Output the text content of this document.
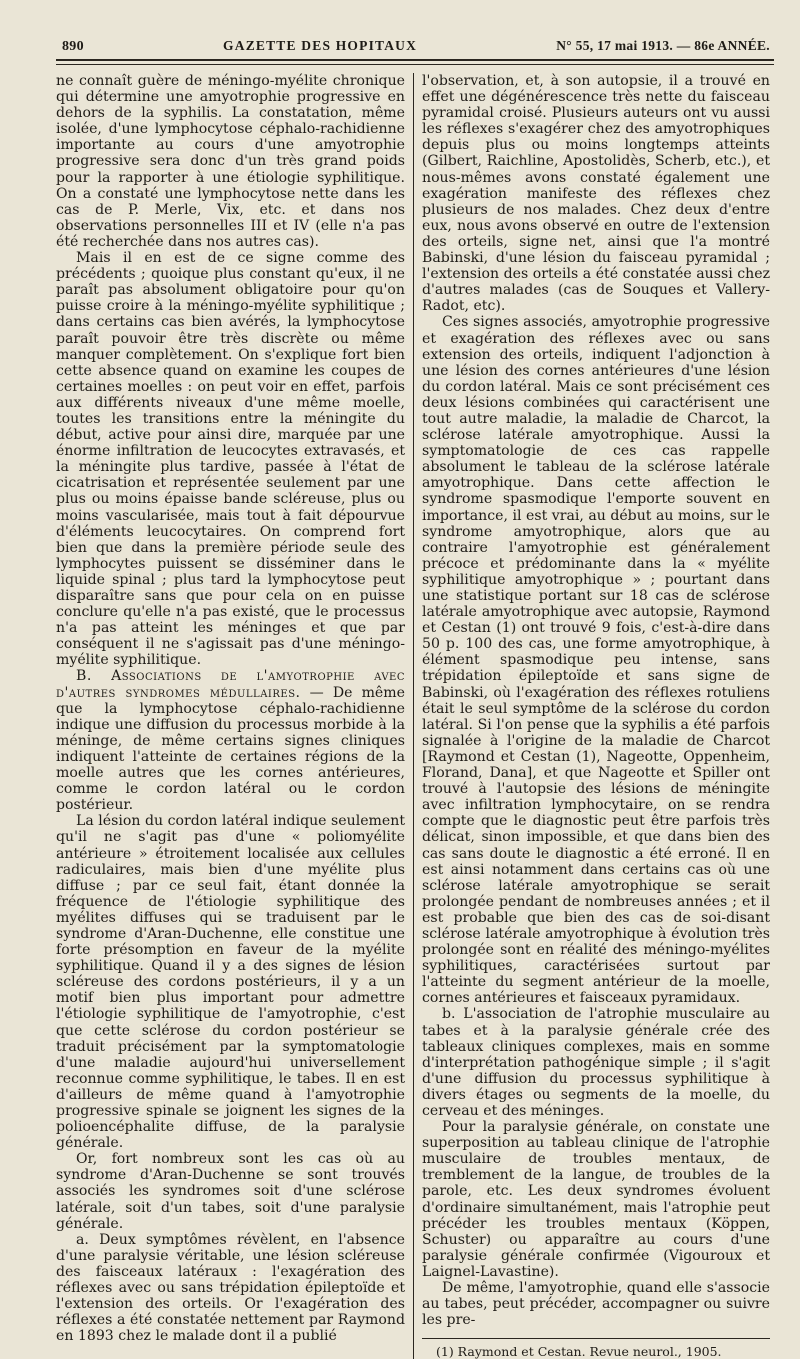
890	GAZETTE DES HOPITAUX	N° 55, 17 mai 1913. — 86e ANNÉE.

ne connaît guère de méningo-myélite chronique qui détermine une amyotrophie progressive en dehors de la syphilis. La constatation, même isolée, d'une lymphocytose céphalo-rachidienne importante au cours d'une amyotrophie progressive sera donc d'un très grand poids pour la rapporter à une étiologie syphilitique. On a constaté une lymphocytose nette dans les cas de P. Merle, Vix, etc. et dans nos observations personnelles III et IV (elle n'a pas été recherchée dans nos autres cas).

Mais il en est de ce signe comme des précédents ; quoique plus constant qu'eux, il ne paraît pas absolument obligatoire pour qu'on puisse croire à la méningo-myélite syphilitique ; dans certains cas bien avérés, la lymphocytose paraît pouvoir être très discrète ou même manquer complètement. On s'explique fort bien cette absence quand on examine les coupes de certaines moelles : on peut voir en effet, parfois aux différents niveaux d'une même moelle, toutes les transitions entre la méningite du début, active pour ainsi dire, marquée par une énorme infiltration de leucocytes extravasés, et la méningite plus tardive, passée à l'état de cicatrisation et représentée seulement par une plus ou moins épaisse bande scléreuse, plus ou moins vascularisée, mais tout à fait dépourvue d'éléments leucocytaires. On comprend fort bien que dans la première période seule des lymphocytes puissent se disséminer dans le liquide spinal ; plus tard la lymphocytose peut disparaître sans que pour cela on en puisse conclure qu'elle n'a pas existé, que le processus n'a pas atteint les méninges et que par conséquent il ne s'agissait pas d'une méningo-myélite syphilitique.

B. Associations de l'amyotrophie avec d'autres syndromes médullaires. — De même que la lymphocytose céphalo-rachidienne indique une diffusion du processus morbide à la méninge, de même certains signes cliniques indiquent l'atteinte de certaines régions de la moelle autres que les cornes antérieures, comme le cordon latéral ou le cordon postérieur.

La lésion du cordon latéral indique seulement qu'il ne s'agit pas d'une « poliomyélite antérieure » étroitement localisée aux cellules radiculaires, mais bien d'une myélite plus diffuse ; par ce seul fait, étant donnée la fréquence de l'étiologie syphilitique des myélites diffuses qui se traduisent par le syndrome d'Aran-Duchenne, elle constitue une forte présomption en faveur de la myélite syphilitique. Quand il y a des signes de lésion scléreuse des cordons postérieurs, il y a un motif bien plus important pour admettre l'étiologie syphilitique de l'amyotrophie, c'est que cette sclérose du cordon postérieur se traduit précisément par la symptomatologie d'une maladie aujourd'hui universellement reconnue comme syphilitique, le tabes. Il en est d'ailleurs de même quand à l'amyotrophie progressive spinale se joignent les signes de la polioencéphalite diffuse, de la paralysie générale.

Or, fort nombreux sont les cas où au syndrome d'Aran-Duchenne se sont trouvés associés les syndromes soit d'une sclérose latérale, soit d'un tabes, soit d'une paralysie générale.

a. Deux symptômes révèlent, en l'absence d'une paralysie véritable, une lésion scléreuse des faisceaux latéraux : l'exagération des réflexes avec ou sans trépidation épileptoïde et l'extension des orteils. Or l'exagération des réflexes a été constatée nettement par Raymond en 1893 chez le malade dont il a publié

l'observation, et, à son autopsie, il a trouvé en effet une dégénérescence très nette du faisceau pyramidal croisé. Plusieurs auteurs ont vu aussi les réflexes s'exagérer chez des amyotrophiques depuis plus ou moins longtemps atteints (Gilbert, Raichline, Apostolidès, Scherb, etc.), et nous-mêmes avons constaté également une exagération manifeste des réflexes chez plusieurs de nos malades. Chez deux d'entre eux, nous avons observé en outre de l'extension des orteils, signe net, ainsi que l'a montré Babinski, d'une lésion du faisceau pyramidal ; l'extension des orteils a été constatée aussi chez d'autres malades (cas de Souques et Vallery-Radot, etc).

Ces signes associés, amyotrophie progressive et exagération des réflexes avec ou sans extension des orteils, indiquent l'adjonction à une lésion des cornes antérieures d'une lésion du cordon latéral. Mais ce sont précisément ces deux lésions combinées qui caractérisent une tout autre maladie, la maladie de Charcot, la sclérose latérale amyotrophique. Aussi la symptomatologie de ces cas rappelle absolument le tableau de la sclérose latérale amyotrophique. Dans cette affection le syndrome spasmodique l'emporte souvent en importance, il est vrai, au début au moins, sur le syndrome amyotrophique, alors que au contraire l'amyotrophie est généralement précoce et prédominante dans la « myélite syphilitique amyotrophique » ; pourtant dans une statistique portant sur 18 cas de sclérose latérale amyotrophique avec autopsie, Raymond et Cestan (1) ont trouvé 9 fois, c'est-à-dire dans 50 p. 100 des cas, une forme amyotrophique, à élément spasmodique peu intense, sans trépidation épileptoïde et sans signe de Babinski, où l'exagération des réflexes rotuliens était le seul symptôme de la sclérose du cordon latéral. Si l'on pense que la syphilis a été parfois signalée à l'origine de la maladie de Charcot [Raymond et Cestan (1), Nageotte, Oppenheim, Florand, Dana], et que Nageotte et Spiller ont trouvé à l'autopsie des lésions de méningite avec infiltration lymphocytaire, on se rendra compte que le diagnostic peut être parfois très délicat, sinon impossible, et que dans bien des cas sans doute le diagnostic a été erroné. Il en est ainsi notamment dans certains cas où une sclérose latérale amyotrophique se serait prolongée pendant de nombreuses années ; et il est probable que bien des cas de soi-disant sclérose latérale amyotrophique à évolution très prolongée sont en réalité des méningo-myélites syphilitiques, caractérisées surtout par l'atteinte du segment antérieur de la moelle, cornes antérieures et faisceaux pyramidaux.

b. L'association de l'atrophie musculaire au tabes et à la paralysie générale crée des tableaux cliniques complexes, mais en somme d'interprétation pathogénique simple ; il s'agit d'une diffusion du processus syphilitique à divers étages ou segments de la moelle, du cerveau et des méninges.

Pour la paralysie générale, on constate une superposition au tableau clinique de l'atrophie musculaire de troubles mentaux, de tremblement de la langue, de troubles de la parole, etc. Les deux syndromes évoluent d'ordinaire simultanément, mais l'atrophie peut précéder les troubles mentaux (Köppen, Schuster) ou apparaître au cours d'une paralysie générale confirmée (Vigouroux et Laignel-Lavastine).

De même, l'amyotrophie, quand elle s'associe au tabes, peut précéder, accompagner ou suivre les pre-

(1) Raymond et Cestan. Revue neurol., 1905.
